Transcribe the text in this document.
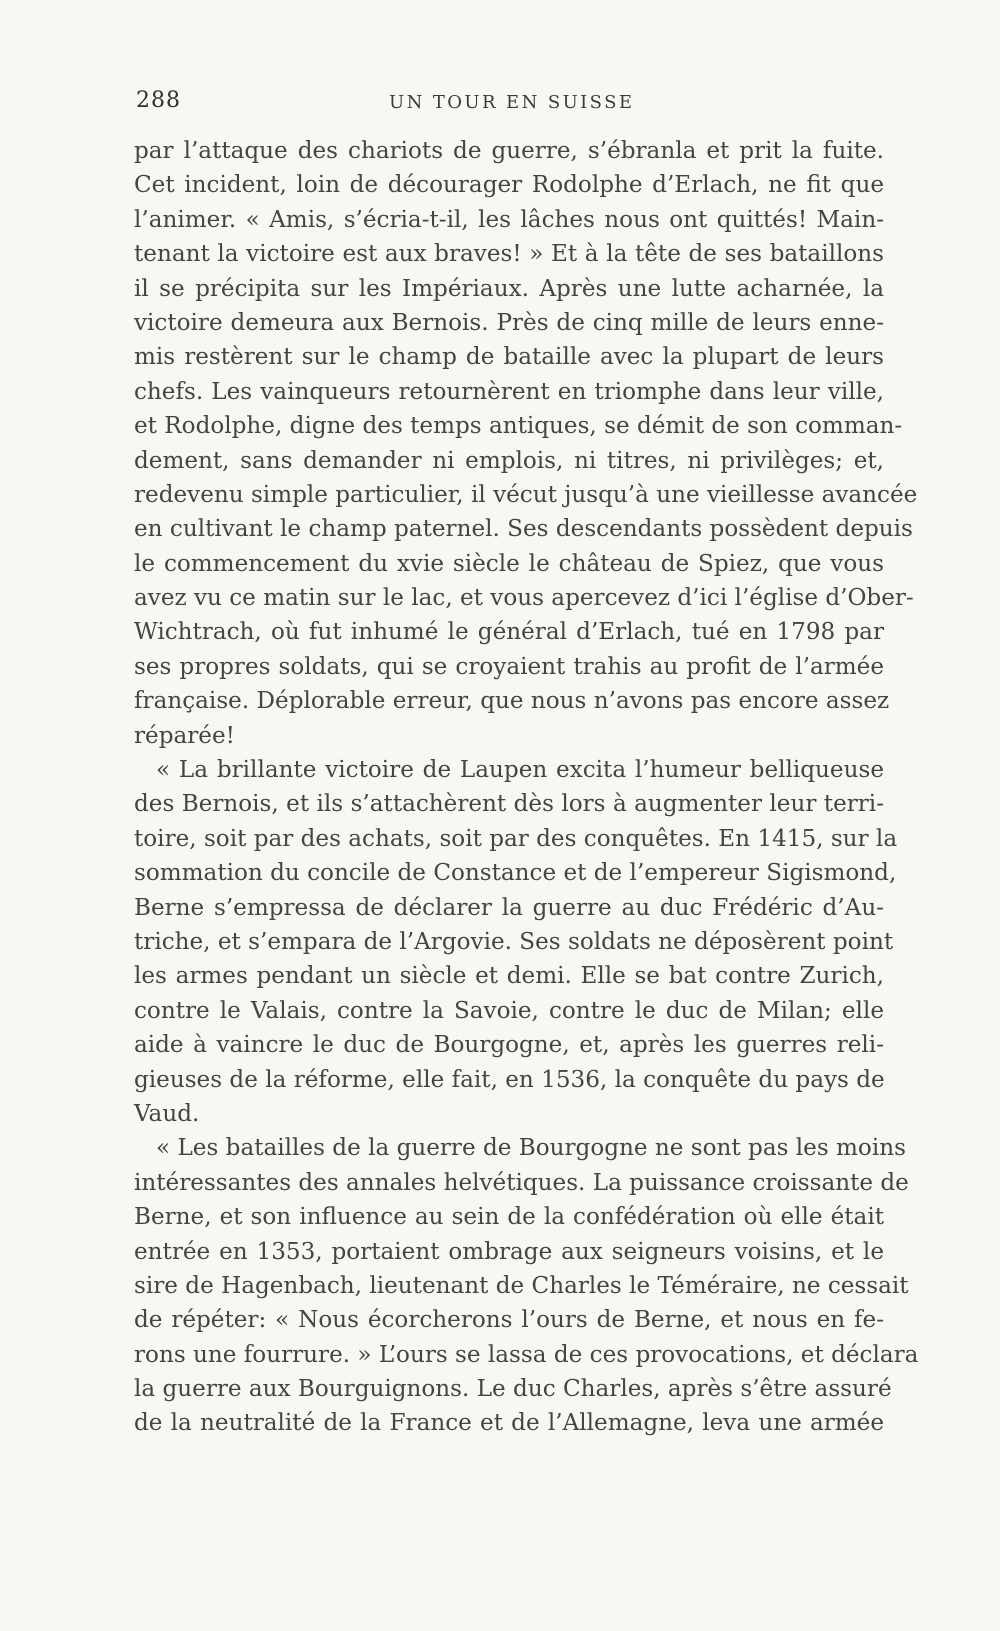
288	UN TOUR EN SUISSE
par l’attaque des chariots de guerre, s’ébranla et prit la fuite.
Cet incident, loin de décourager Rodolphe d’Erlach, ne fit que
l’animer. « Amis, s’écria-t-il, les lâches nous ont quittés! Main-
tenant la victoire est aux braves! » Et à la tête de ses bataillons
il se précipita sur les Impériaux. Après une lutte acharnée, la
victoire demeura aux Bernois. Près de cinq mille de leurs enne-
mis restèrent sur le champ de bataille avec la plupart de leurs
chefs. Les vainqueurs retournèrent en triomphe dans leur ville,
et Rodolphe, digne des temps antiques, se démit de son comman-
dement, sans demander ni emplois, ni titres, ni privilèges; et,
redevenu simple particulier, il vécut jusqu’à une vieillesse avancée
en cultivant le champ paternel. Ses descendants possèdent depuis
le commencement du xvie siècle le château de Spiez, que vous
avez vu ce matin sur le lac, et vous apercevez d’ici l’église d’Ober-
Wichtrach, où fut inhumé le général d’Erlach, tué en 1798 par
ses propres soldats, qui se croyaient trahis au profit de l’armée
française. Déplorable erreur, que nous n’avons pas encore assez
réparée!
« La brillante victoire de Laupen excita l’humeur belliqueuse
des Bernois, et ils s’attachèrent dès lors à augmenter leur terri-
toire, soit par des achats, soit par des conquêtes. En 1415, sur la
sommation du concile de Constance et de l’empereur Sigismond,
Berne s’empressa de déclarer la guerre au duc Frédéric d’Au-
triche, et s’empara de l’Argovie. Ses soldats ne déposèrent point
les armes pendant un siècle et demi. Elle se bat contre Zurich,
contre le Valais, contre la Savoie, contre le duc de Milan; elle
aide à vaincre le duc de Bourgogne, et, après les guerres reli-
gieuses de la réforme, elle fait, en 1536, la conquête du pays de
Vaud.
« Les batailles de la guerre de Bourgogne ne sont pas les moins
intéressantes des annales helvétiques. La puissance croissante de
Berne, et son influence au sein de la confédération où elle était
entrée en 1353, portaient ombrage aux seigneurs voisins, et le
sire de Hagenbach, lieutenant de Charles le Téméraire, ne cessait
de répéter: « Nous écorcherons l’ours de Berne, et nous en fe-
rons une fourrure. » L’ours se lassa de ces provocations, et déclara
la guerre aux Bourguignons. Le duc Charles, après s’être assuré
de la neutralité de la France et de l’Allemagne, leva une armée
